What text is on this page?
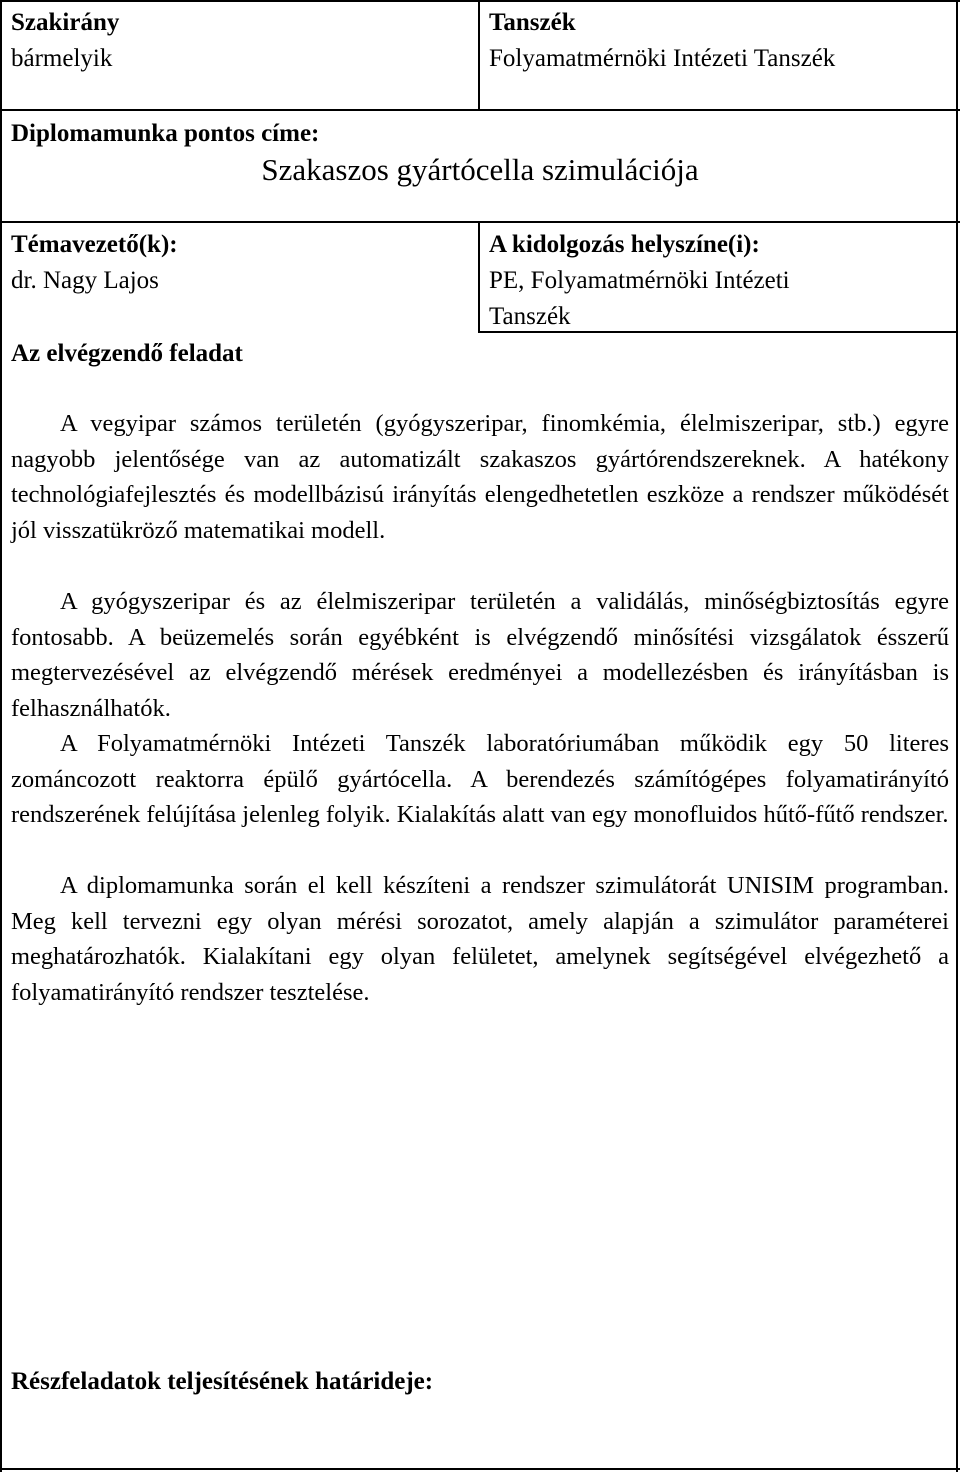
Szakirány
bármelyik
Tanszék
Folyamatmérnöki Intézeti Tanszék
Diplomamunka pontos címe:
Szakaszos gyártócella szimulációja
Témavezető(k):
dr. Nagy Lajos
A kidolgozás helyszíne(i):
PE, Folyamatmérnöki Intézeti
Tanszék
Az elvégzendő feladat

A vegyipar számos területén (gyógyszeripar, finomkémia, élelmiszeripar, stb.) egyre nagyobb jelentősége van az automatizált szakaszos gyártórendszereknek. A hatékony technológiafejlesztés és modellbázisú irányítás elengedhetetlen eszköze a rendszer működését jól visszatükröző matematikai modell.

A gyógyszeripar és az élelmiszeripar területén a validálás, minőségbiztosítás egyre fontosabb. A beüzemelés során egyébként is elvégzendő minősítési vizsgálatok ésszerű megtervezésével az elvégzendő mérések eredményei a modellezésben és irányításban is felhasználhatók.

A Folyamatmérnöki Intézeti Tanszék laboratóriumában működik egy 50 literes zománcozott reaktorra épülő gyártócella. A berendezés számítógépes folyamatirányító rendszerének felújítása jelenleg folyik. Kialakítás alatt van egy monofluidos hűtő-fűtő rendszer.

A diplomamunka során el kell készíteni a rendszer szimulátorát UNISIM programban. Meg kell tervezni egy olyan mérési sorozatot, amely alapján a szimulátor paraméterei meghatározhatók. Kialakítani egy olyan felületet, amelynek segítségével elvégezhető a folyamatirányító rendszer tesztelése.

Részfeladatok teljesítésének határideje:
